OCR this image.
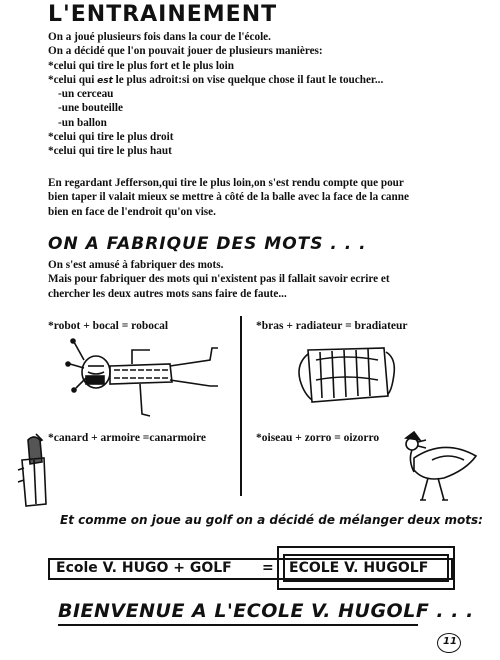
L'ENTRAINEMENT
On a joué plusieurs fois dans la cour de l'école.
On a décidé que l'on pouvait jouer de plusieurs manières:
*celui qui tire le plus fort et le plus loin
*celui qui est le plus adroit:si on vise quelque chose il faut le toucher...
-un cerceau
-une bouteille
-un ballon
*celui qui tire le plus droit
*celui qui tire le plus haut
En regardant Jefferson,qui tire le plus loin,on s'est rendu compte que pour
bien taper il valait mieux se mettre à côté de la balle avec la face de la canne
bien en face de l'endroit qu'on vise.
ON A FABRIQUE DES MOTS . . .
On s'est amusé à fabriquer des mots.
Mais pour fabriquer des mots qui n'existent pas il fallait savoir ecrire et
chercher les deux autres mots sans faire de faute...
*robot + bocal = robocal	*bras + radiateur = bradiateur
*canard + armoire =canarmoire	*oiseau + zorro = oizorro
Et comme on joue au golf on a décidé de mélanger deux mots:
Ecole V. HUGO + GOLF = ECOLE V. HUGOLF
BIENVENUE A L'ECOLE V. HUGOLF . . .
11
